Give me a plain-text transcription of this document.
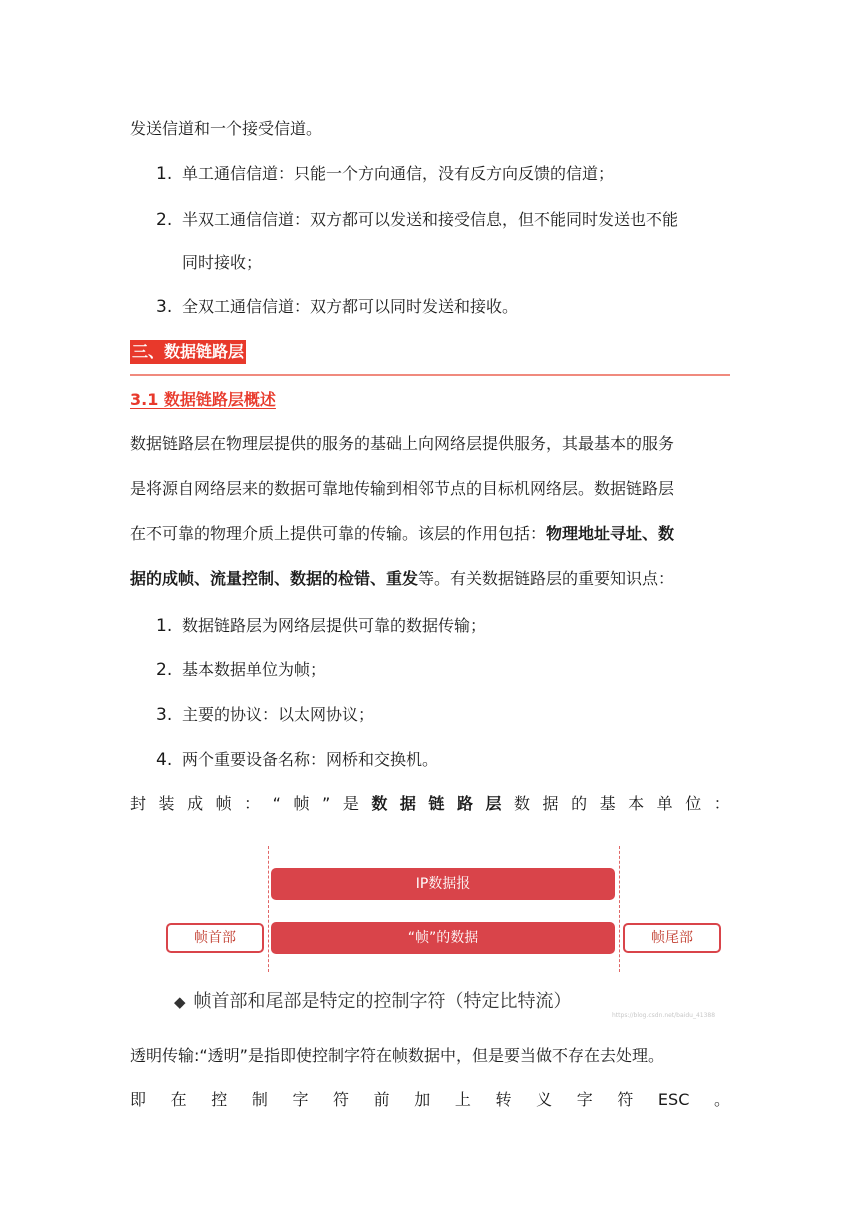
发送信道和一个接受信道。
1. 单工通信信道：只能一个方向通信，没有反方向反馈的信道；
2. 半双工通信信道：双方都可以发送和接受信息，但不能同时发送也不能
同时接收；
3. 全双工通信信道：双方都可以同时发送和接收。
三、数据链路层
3.1 数据链路层概述
数据链路层在物理层提供的服务的基础上向网络层提供服务，其最基本的服务
是将源自网络层来的数据可靠地传输到相邻节点的目标机网络层。数据链路层
在不可靠的物理介质上提供可靠的传输。该层的作用包括：物理地址寻址、数
据的成帧、流量控制、数据的检错、重发等。有关数据链路层的重要知识点：
1. 数据链路层为网络层提供可靠的数据传输；
2. 基本数据单位为帧；
3. 主要的协议：以太网协议；
4. 两个重要设备名称：网桥和交换机。
封 装 成 帧 ： “ 帧 ” 是 数 据 链 路 层 数 据 的 基 本 单 位 ：
透明传输:“透明”是指即使控制字符在帧数据中，但是要当做不存在去处理。
即 在 控 制 字 符 前 加 上 转 义 字 符 ESC 。
IP数据报
“帧”的数据
帧首部	帧尾部
◆ 帧首部和尾部是特定的控制字符（特定比特流）
https://blog.csdn.net/baidu_41388
